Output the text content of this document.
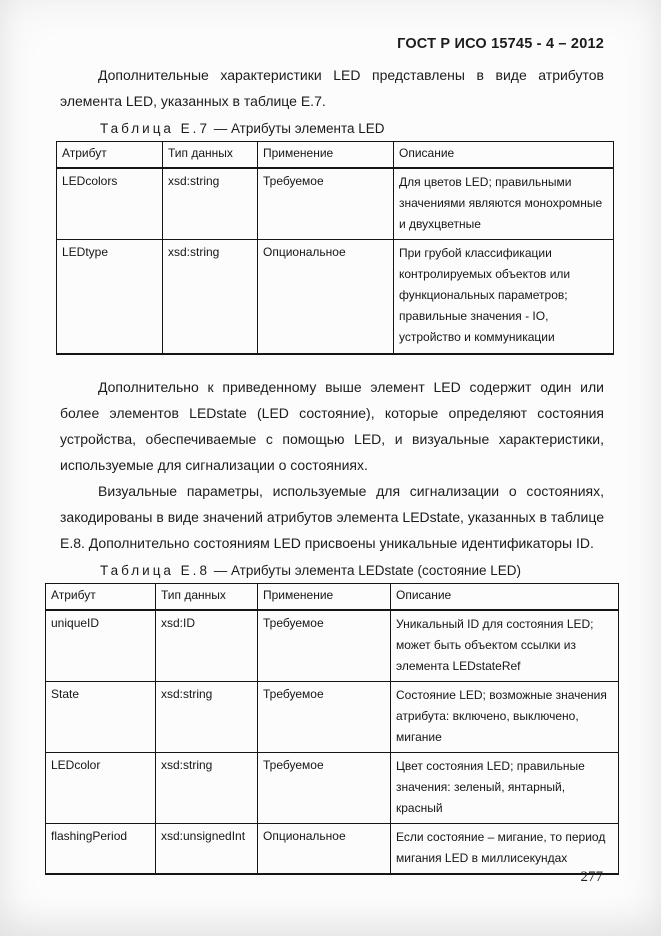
ГОСТ Р ИСО 15745 - 4 – 2012

Дополнительные характеристики LED представлены в виде атрибутов элемента LED, указанных в таблице Е.7.

Таблица Е.7 — Атрибуты элемента LED

Атрибут	Тип данных	Применение	Описание
LEDcolors	xsd:string	Требуемое	Для цветов LED; правильными значениями являются монохромные и двухцветные
LEDtype	xsd:string	Опциональное	При грубой классификации контролируемых объектов или функциональных параметров; правильные значения - IO, устройство и коммуникации

Дополнительно к приведенному выше элемент LED содержит один или более элементов LEDstate (LED состояние), которые определяют состояния устройства, обеспечиваемые с помощью LED, и визуальные характеристики, используемые для сигнализации о состояниях.

Визуальные параметры, используемые для сигнализации о состояниях, закодированы в виде значений атрибутов элемента LEDstate, указанных в таблице Е.8. Дополнительно состояниям LED присвоены уникальные идентификаторы ID.

Таблица Е.8 — Атрибуты элемента LEDstate (состояние LED)

Атрибут	Тип данных	Применение	Описание
uniqueID	xsd:ID	Требуемое	Уникальный ID для состояния LED; может быть объектом ссылки из элемента LEDstateRef
State	xsd:string	Требуемое	Состояние LED; возможные значения атрибута: включено, выключено, мигание
LEDcolor	xsd:string	Требуемое	Цвет состояния LED; правильные значения: зеленый, янтарный, красный
flashingPeriod	xsd:unsignedInt	Опциональное	Если состояние – мигание, то период мигания LED в миллисекундах
277
